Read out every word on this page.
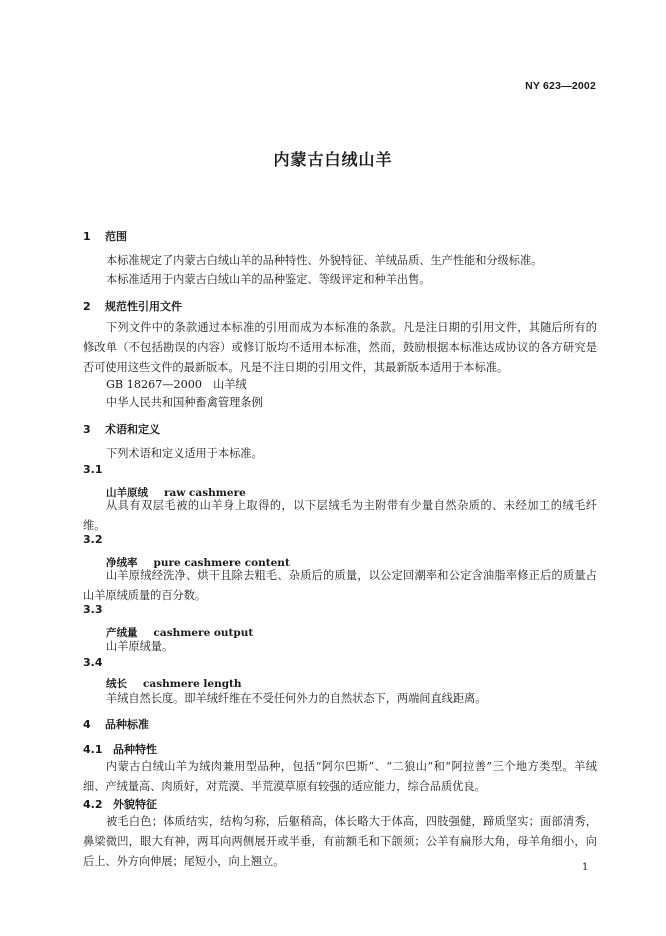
NY 623—2002
内蒙古白绒山羊
1 范围
本标准规定了内蒙古白绒山羊的品种特性、外貌特征、羊绒品质、生产性能和分级标准。
本标准适用于内蒙古白绒山羊的品种鉴定、等级评定和种羊出售。
2 规范性引用文件
下列文件中的条款通过本标准的引用而成为本标准的条款。凡是注日期的引用文件，其随后所有的修改单（不包括勘误的内容）或修订版均不适用本标准，然而，鼓励根据本标准达成协议的各方研究是否可使用这些文件的最新版本。凡是不注日期的引用文件，其最新版本适用于本标准。
GB 18267—2000　山羊绒
中华人民共和国种畜禽管理条例
3 术语和定义
下列术语和定义适用于本标准。
3.1
山羊原绒 raw cashmere
从具有双层毛被的山羊身上取得的，以下层绒毛为主附带有少量自然杂质的、未经加工的绒毛纤维。
3.2
净绒率 pure cashmere content
山羊原绒经洗净、烘干且除去粗毛、杂质后的质量，以公定回潮率和公定含油脂率修正后的质量占山羊原绒质量的百分数。
3.3
产绒量 cashmere output
山羊原绒量。
3.4
绒长 cashmere length
羊绒自然长度。即羊绒纤维在不受任何外力的自然状态下，两端间直线距离。
4 品种标准
4.1 品种特性
内蒙古白绒山羊为绒肉兼用型品种，包括“阿尔巴斯”、“二狼山”和“阿拉善”三个地方类型。羊绒细、产绒量高、肉质好，对荒漠、半荒漠草原有较强的适应能力，综合品质优良。
4.2 外貌特征
被毛白色；体质结实，结构匀称，后躯稍高，体长略大于体高，四肢强健，蹄质坚实；面部清秀，鼻梁微凹，眼大有神，两耳向两侧展开或半垂，有前额毛和下颌须；公羊有扁形大角，母羊角细小，向后上、外方向伸展；尾短小，向上翘立。	1
